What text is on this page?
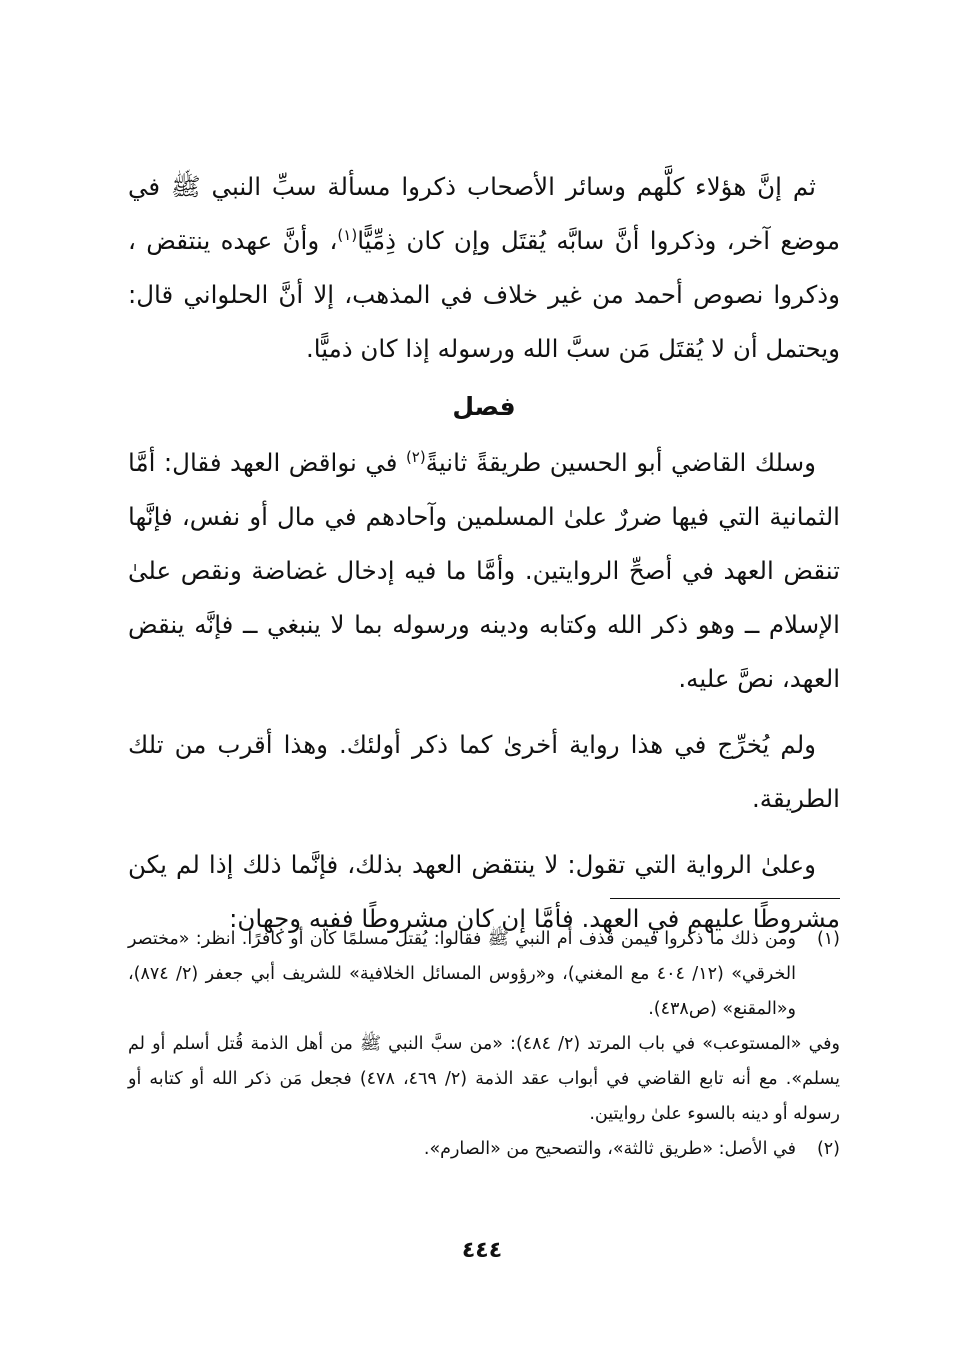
ثم إنَّ هؤلاء كلَّهم وسائر الأصحاب ذكروا مسألة سبِّ النبي ﷺ في موضع آخر، وذكروا أنَّ سابَّه يُقتَل وإن كان ذِمِّيًّا$^{(١)}$، وأنَّ عهده ينتقض ، وذكروا نصوص أحمد من غير خلاف في المذهب، إلا أنَّ الحلواني قال: ويحتمل أن لا يُقتَل مَن سبَّ الله ورسوله إذا كان ذميًّا.

فصل

وسلك القاضي أبو الحسين طريقةً ثانيةً$^{(٢)}$ في نواقض العهد فقال: أمَّا الثمانية التي فيها ضررٌ علىٰ المسلمين وآحادهم في مال أو نفس، فإنَّها تنقض العهد في أصحِّ الروايتين. وأمَّا ما فيه إدخال غضاضة ونقص علىٰ الإسلام ــ وهو ذكر الله وكتابه ودينه ورسوله بما لا ينبغي ــ فإنَّه ينقض العهد، نصَّ عليه.

ولم يُخرِّج في هذا رواية أخرىٰ كما ذكر أولئك. وهذا أقرب من تلك الطريقة.

وعلىٰ الرواية التي تقول: لا ينتقض العهد بذلك، فإنَّما ذلك إذا لم يكن مشروطًا عليهم في العهد. فأمَّا إن كان مشروطًا ففيه وجهان:

(١)
ومن ذلك ما ذكروا فيمن قذف أم النبي ﷺ فقالوا: يُقتل مسلمًا كان أو كافرًا. انظر: «مختصر الخرقي» (١٢/ ٤٠٤ مع المغني)، و«رؤوس المسائل الخلافية» للشريف أبي جعفر (٢/ ٨٧٤)، و«المقنع» (ص٤٣٨).

وفي «المستوعب» في باب المرتد (٢/ ٤٨٤): «من سبَّ النبي ﷺ من أهل الذمة قُتل أسلم أو لم يسلم». مع أنه تابع القاضي في أبواب عقد الذمة (٢/ ٤٦٩، ٤٧٨) فجعل مَن ذكر الله أو كتابه أو رسوله أو دينه بالسوء علىٰ روايتين.

(٢)
في الأصل: «طريق ثالثة»، والتصحيح من «الصارم».

٤٤٤
